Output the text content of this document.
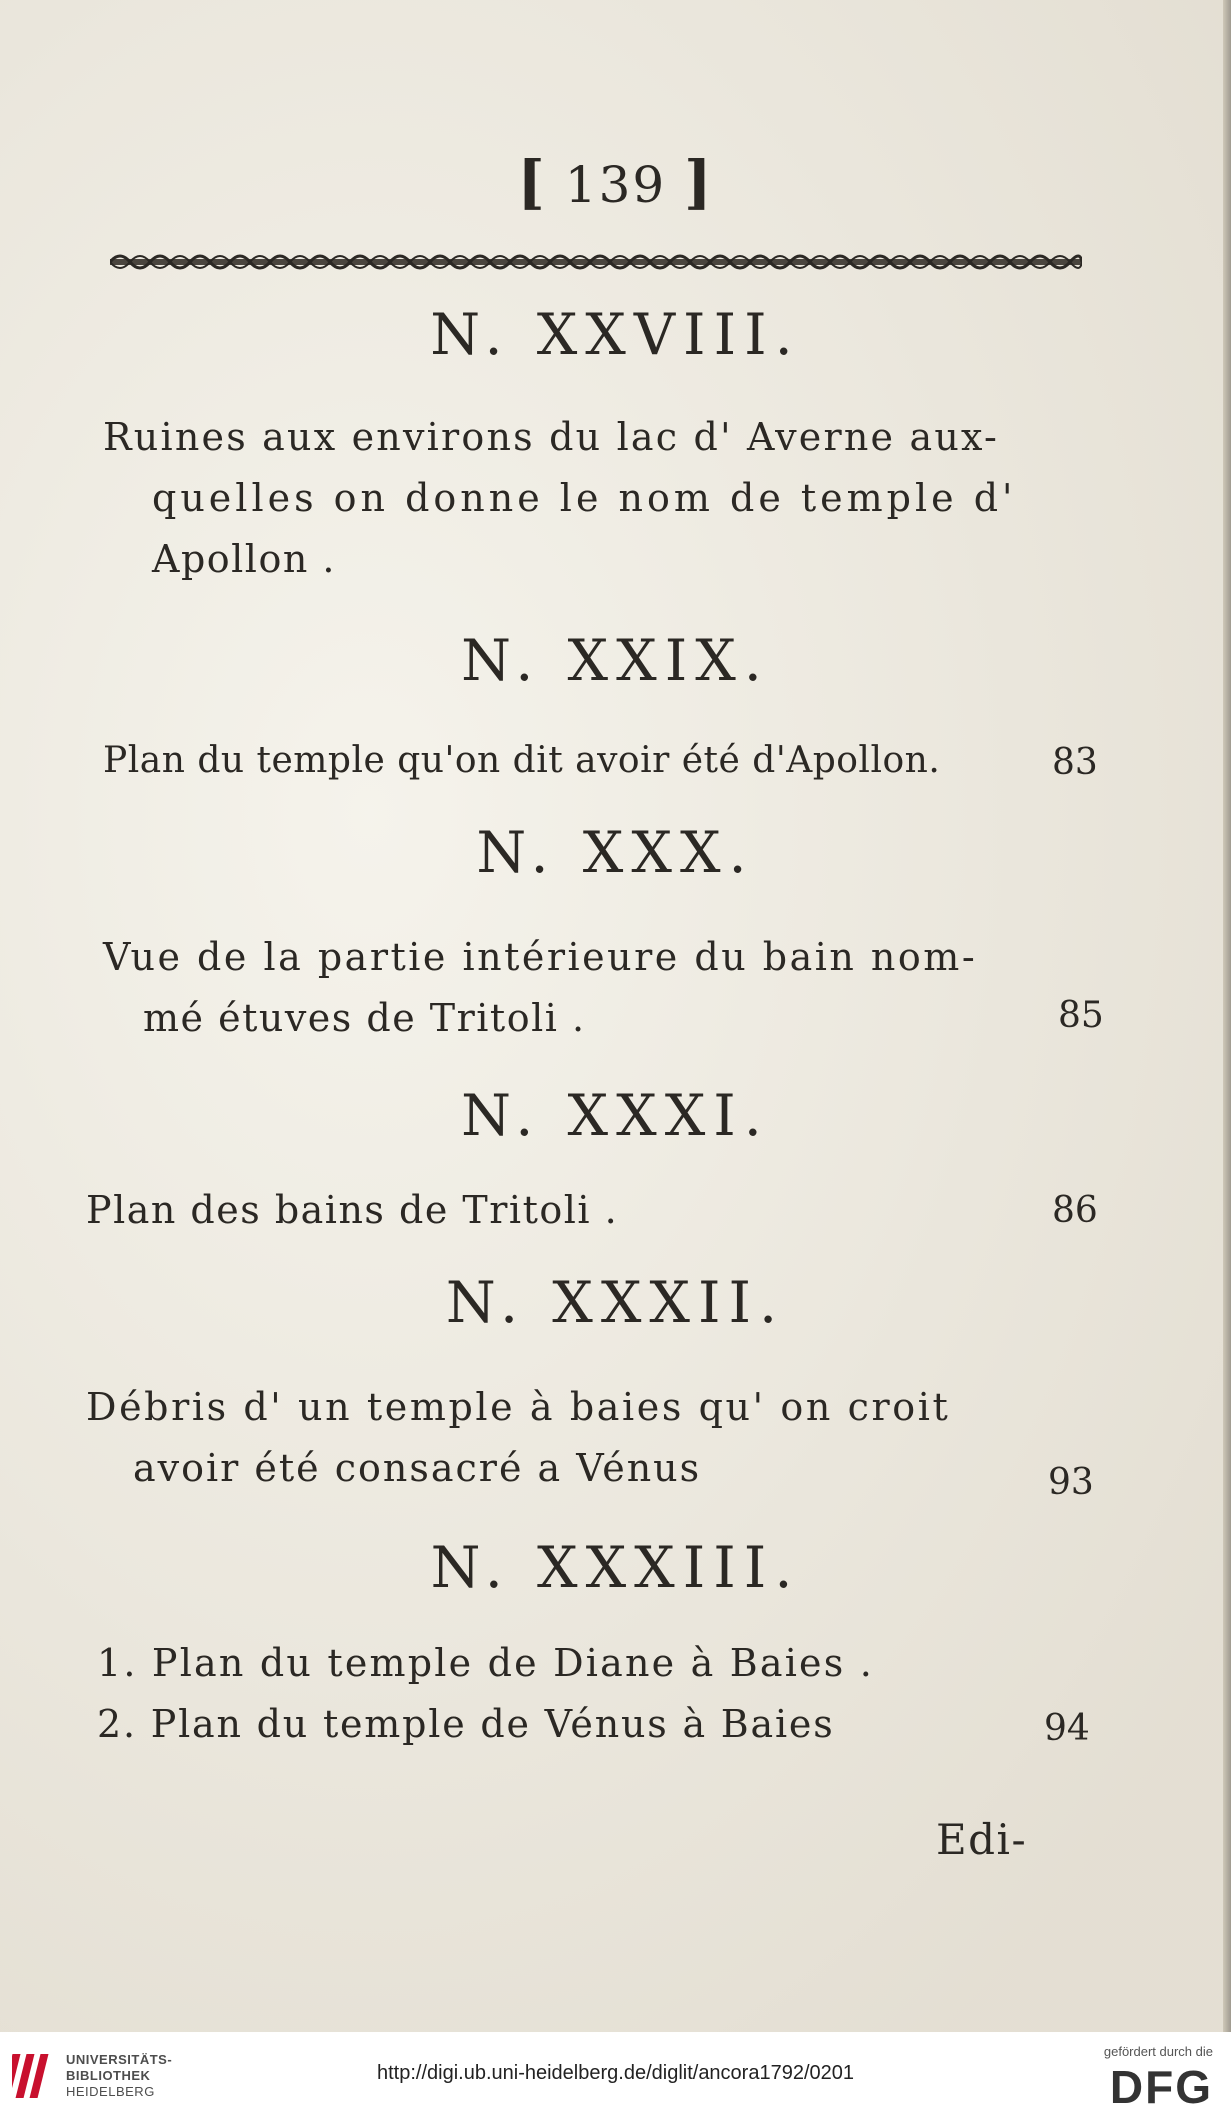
[ 139 ]
N. XXVIII.
Ruines aux environs du lac d' Averne aux-
quelles on donne le nom de temple d'
Apollon .
N. XXIX.
Plan du temple qu'on dit avoir été d'Apollon.	83
N. XXX.
Vue de la partie intérieure du bain nom-
mé étuves de Tritoli .	85
N. XXXI.
Plan des bains de Tritoli .	86
N. XXXII.
Débris d' un temple à baies qu' on croit
avoir été consacré a Vénus	93
N. XXXIII.
1. Plan du temple de Diane à Baies .
2. Plan du temple de Vénus à Baies	94
Edi-
UNIVERSITÄTS-
BIBLIOTHEK
HEIDELBERG
http://digi.ub.uni-heidelberg.de/diglit/ancora1792/0201
gefördert durch die
DFG
